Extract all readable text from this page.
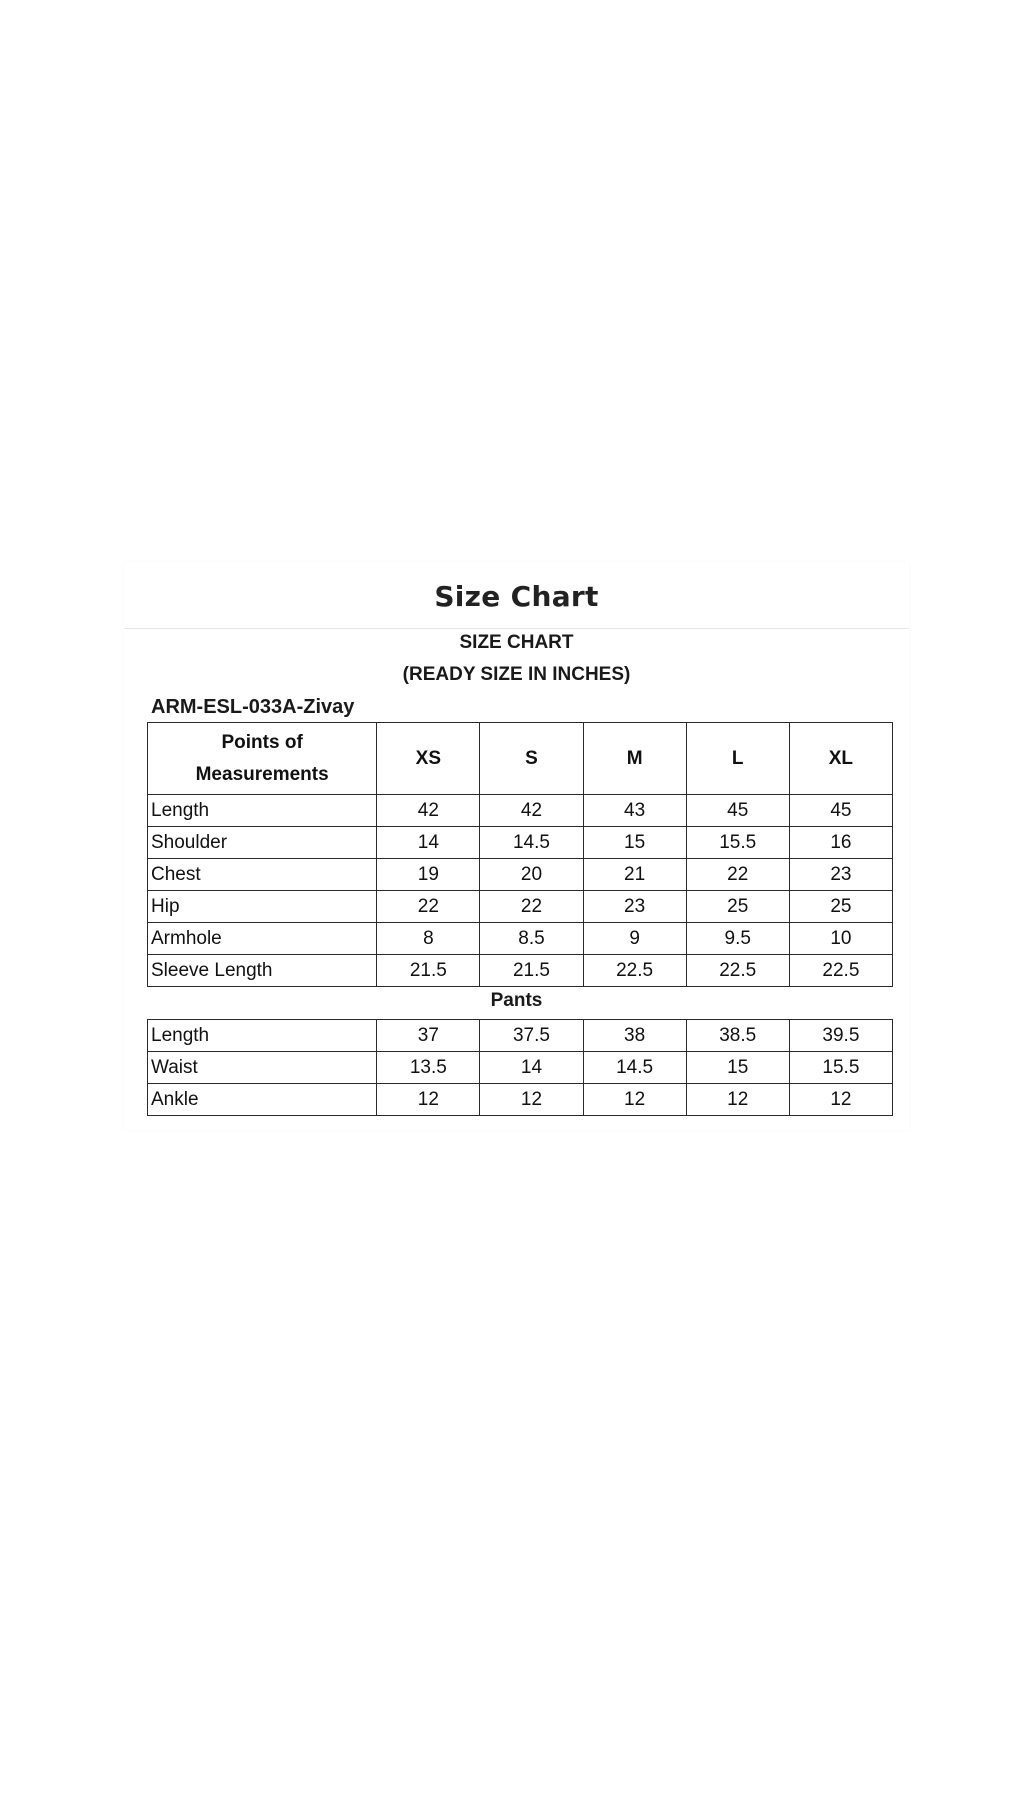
Size Chart
SIZE CHART
(READY SIZE IN INCHES)
ARM-ESL-033A-Zivay
Points of
Measurements	XS	S	M	L	XL
Length	42	42	43	45	45
Shoulder	14	14.5	15	15.5	16
Chest	19	20	21	22	23
Hip	22	22	23	25	25
Armhole	8	8.5	9	9.5	10
Sleeve Length	21.5	21.5	22.5	22.5	22.5
Pants
Length	37	37.5	38	38.5	39.5
Waist	13.5	14	14.5	15	15.5
Ankle	12	12	12	12	12
